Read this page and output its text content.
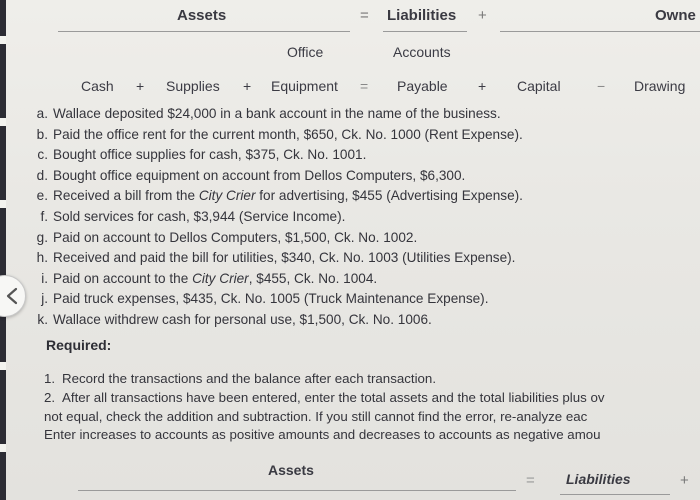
Assets	= Liabilities +	Owne
Office	Accounts
Cash + Supplies + Equipment = Payable + Capital	− Drawing
a. Wallace deposited $24,000 in a bank account in the name of the business.
b. Paid the office rent for the current month, $650, Ck. No. 1000 (Rent Expense).
c. Bought office supplies for cash, $375, Ck. No. 1001.
d. Bought office equipment on account from Dellos Computers, $6,300.
e. Received a bill from the City Crier for advertising, $455 (Advertising Expense).
f. Sold services for cash, $3,944 (Service Income).
g. Paid on account to Dellos Computers, $1,500, Ck. No. 1002.
h. Received and paid the bill for utilities, $340, Ck. No. 1003 (Utilities Expense).
i. Paid on account to the City Crier, $455, Ck. No. 1004.
j. Paid truck expenses, $435, Ck. No. 1005 (Truck Maintenance Expense).
k. Wallace withdrew cash for personal use, $1,500, Ck. No. 1006.
Required:
1. Record the transactions and the balance after each transaction.
2. After all transactions have been entered, enter the total assets and the total liabilities plus ov
not equal, check the addition and subtraction. If you still cannot find the error, re-analyze eac
Enter increases to accounts as positive amounts and decreases to accounts as negative amou
Assets
= Liabilities	+
